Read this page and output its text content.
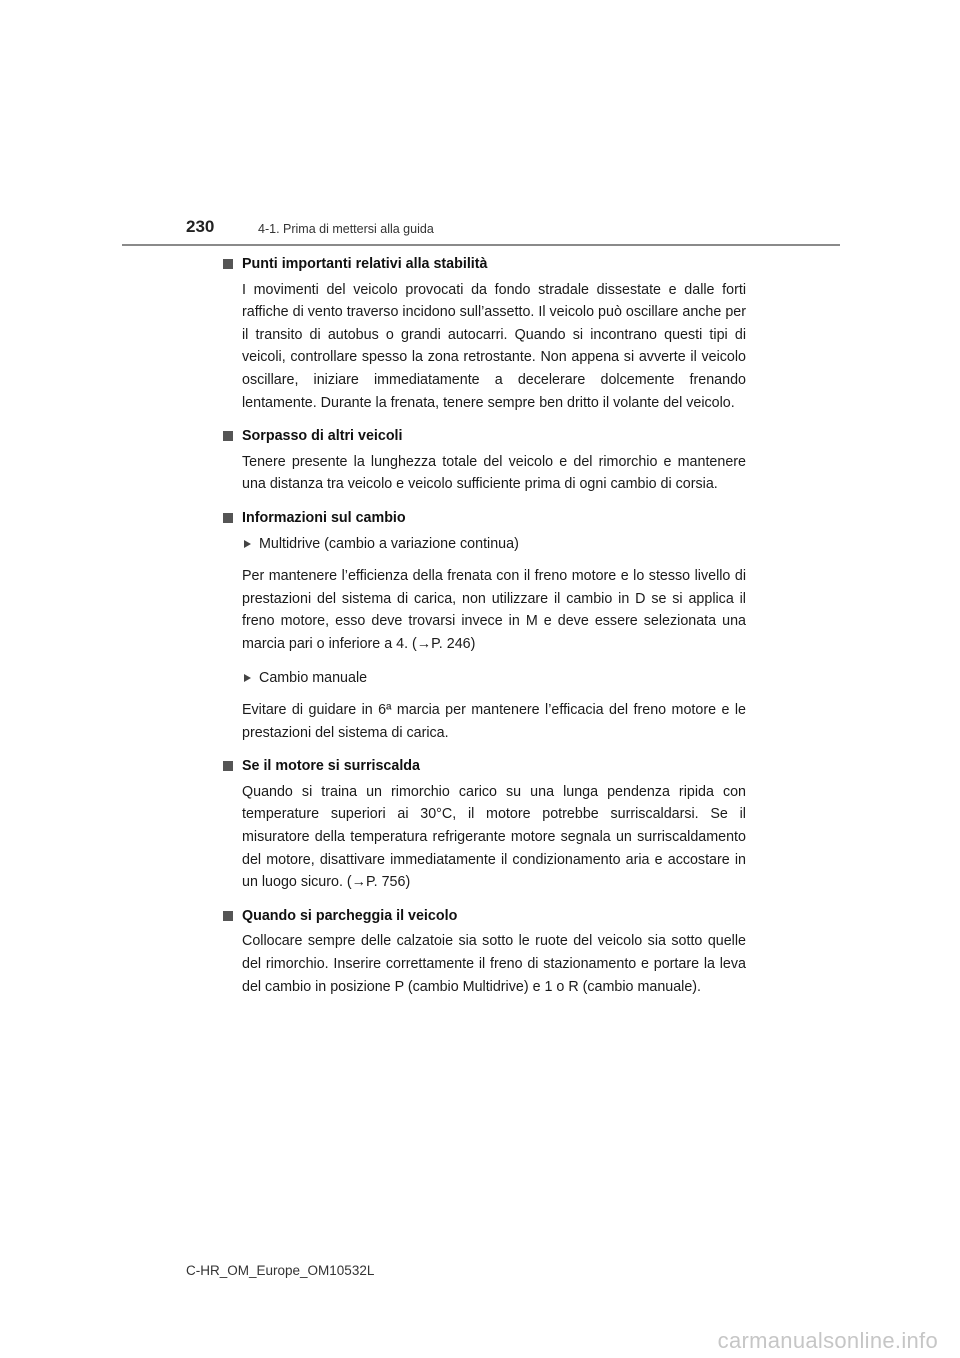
230	4-1. Prima di mettersi alla guida
Punti importanti relativi alla stabilità

I movimenti del veicolo provocati da fondo stradale dissestate e dalle forti raffiche di vento traverso incidono sull’assetto. Il veicolo può oscillare anche per il transito di autobus o grandi autocarri. Quando si incontrano questi tipi di veicoli, controllare spesso la zona retrostante. Non appena si avverte il veicolo oscillare, iniziare immediatamente a decelerare dolcemente frenando lentamente. Durante la frenata, tenere sempre ben dritto il volante del veicolo.

Sorpasso di altri veicoli

Tenere presente la lunghezza totale del veicolo e del rimorchio e mantenere una distanza tra veicolo e veicolo sufficiente prima di ogni cambio di corsia.

Informazioni sul cambio
Multidrive (cambio a variazione continua)

Per mantenere l’efficienza della frenata con il freno motore e lo stesso livello di prestazioni del sistema di carica, non utilizzare il cambio in D se si applica il freno motore, esso deve trovarsi invece in M e deve essere selezionata una marcia pari o inferiore a 4. (→P. 246)

Cambio manuale

Evitare di guidare in 6ª marcia per mantenere l’efficacia del freno motore e le prestazioni del sistema di carica.

Se il motore si surriscalda

Quando si traina un rimorchio carico su una lunga pendenza ripida con temperature superiori ai 30°C, il motore potrebbe surriscaldarsi. Se il misuratore della temperatura refrigerante motore segnala un surriscaldamento del motore, disattivare immediatamente il condizionamento aria e accostare in un luogo sicuro. (→P. 756)

Quando si parcheggia il veicolo

Collocare sempre delle calzatoie sia sotto le ruote del veicolo sia sotto quelle del rimorchio. Inserire correttamente il freno di stazionamento e portare la leva del cambio in posizione P (cambio Multidrive) e 1 o R (cambio manuale).

C-HR_OM_Europe_OM10532L
carmanualsonline.info
